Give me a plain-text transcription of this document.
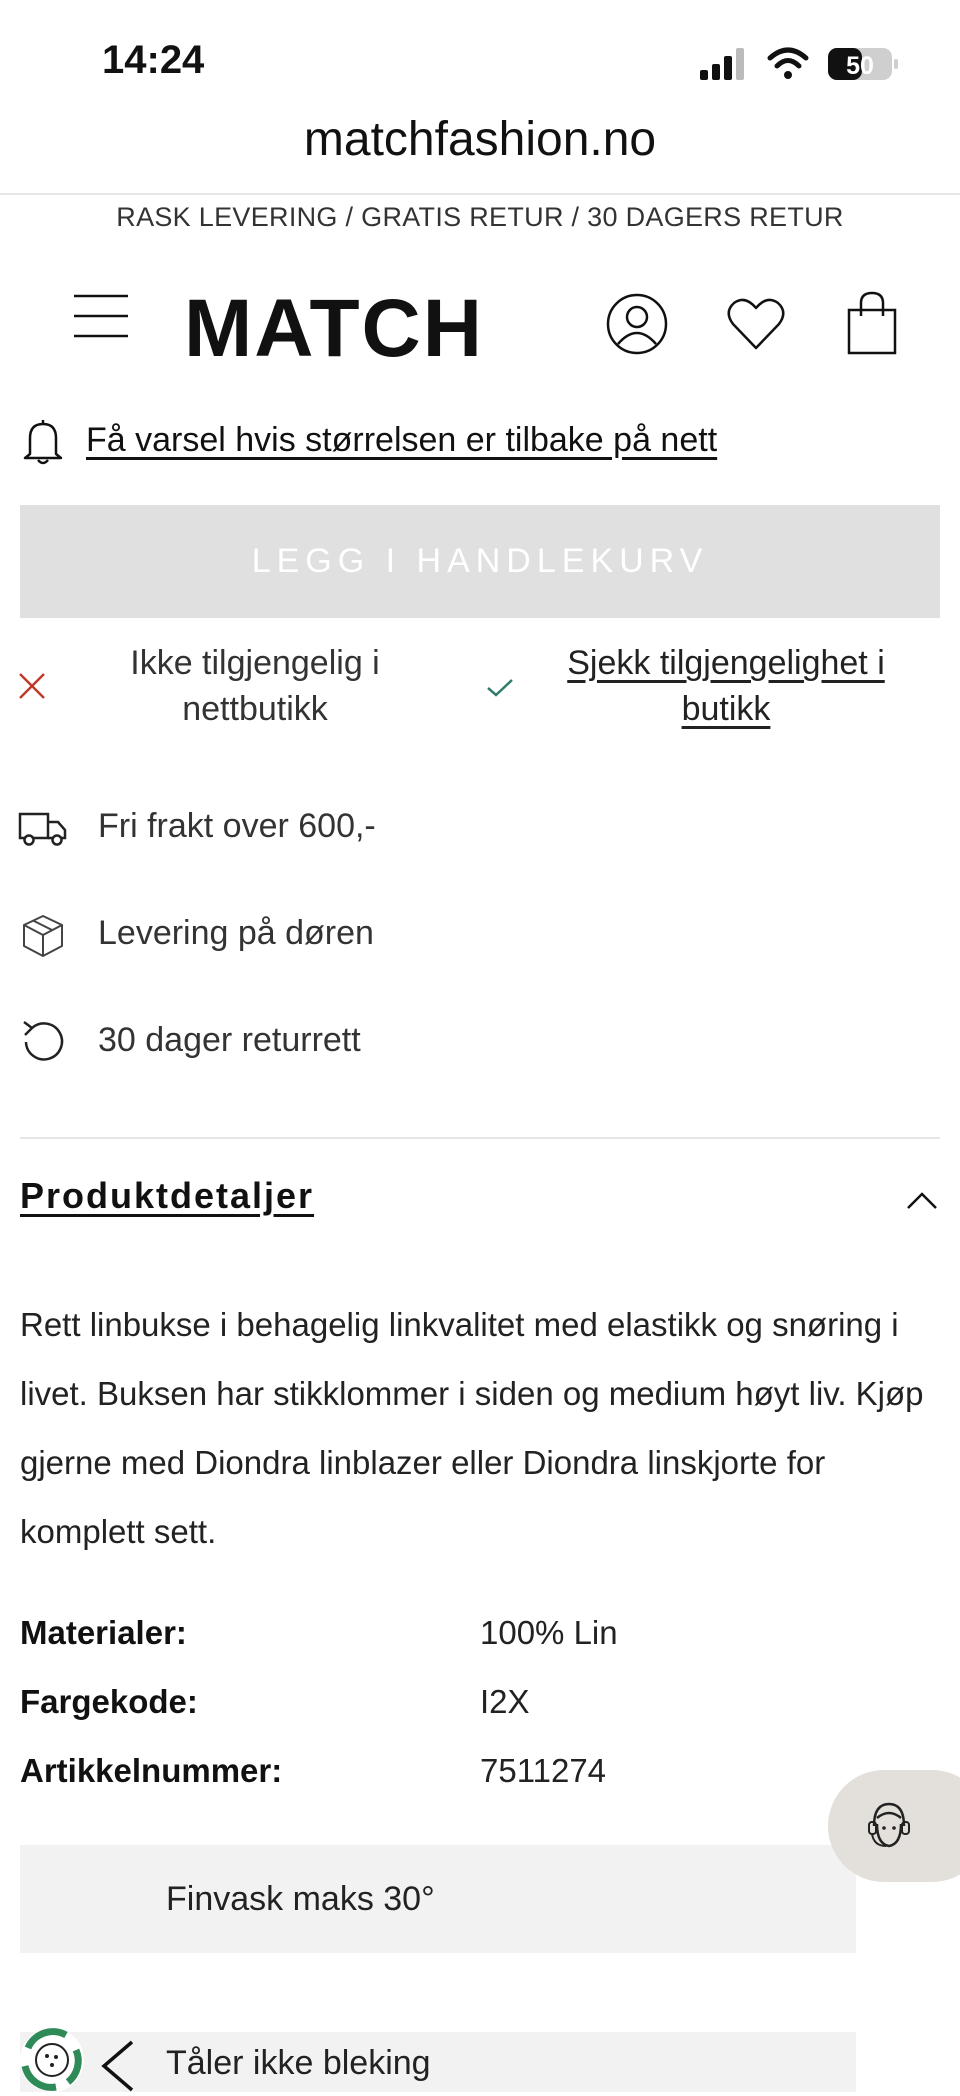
14:24	50
matchfashion.no
RASK LEVERING / GRATIS RETUR / 30 DAGERS RETUR
MATCH
Få varsel hvis størrelsen er tilbake på nett
LEGG I HANDLEKURV
Ikke tilgjengelig i
nettbutikk
Sjekk tilgjengelighet i
butikk
Fri frakt over 600,-
Levering på døren
30 dager returrett
Produktdetaljer
Rett linbukse i behagelig linkvalitet med elastikk og snøring i livet. Buksen har stikklommer i siden og medium høyt liv. Kjøp gjerne med Diondra linblazer eller Diondra linskjorte for komplett sett.
Materialer:	100% Lin
Fargekode:	I2X
Artikkelnummer:	7511274
Finvask maks 30°
Tåler ikke bleking
